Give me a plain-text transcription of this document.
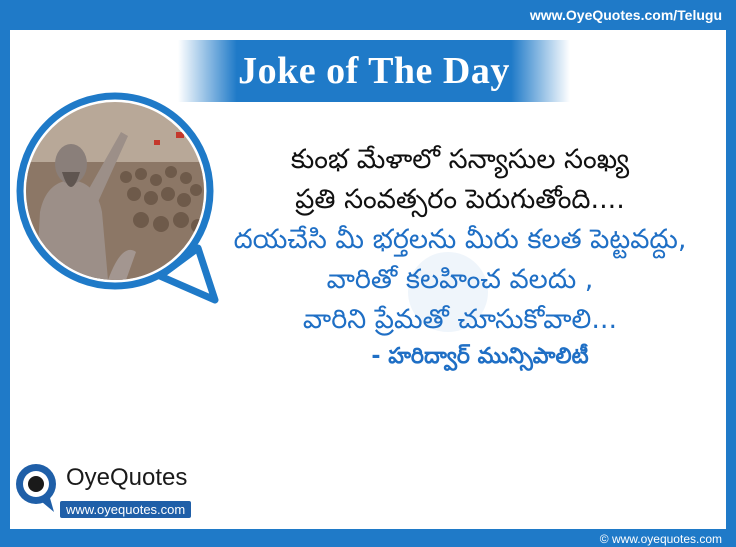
www.OyeQuotes.com/Telugu
© www.oyequotes.com
Joke of The Day
కుంభ మేళాలో సన్యాసుల సంఖ్య
ప్రతి సంవత్సరం పెరుగుతోంది....
దయచేసి మీ భర్తలను మీరు కలత పెట్టవద్దు,
వారితో కలహించ వలదు ,
వారిని ప్రేమతో చూసుకోవాలి...
- హరిద్వార్ మున్సిపాలిటీ
OyeQuotes
www.oyequotes.com
